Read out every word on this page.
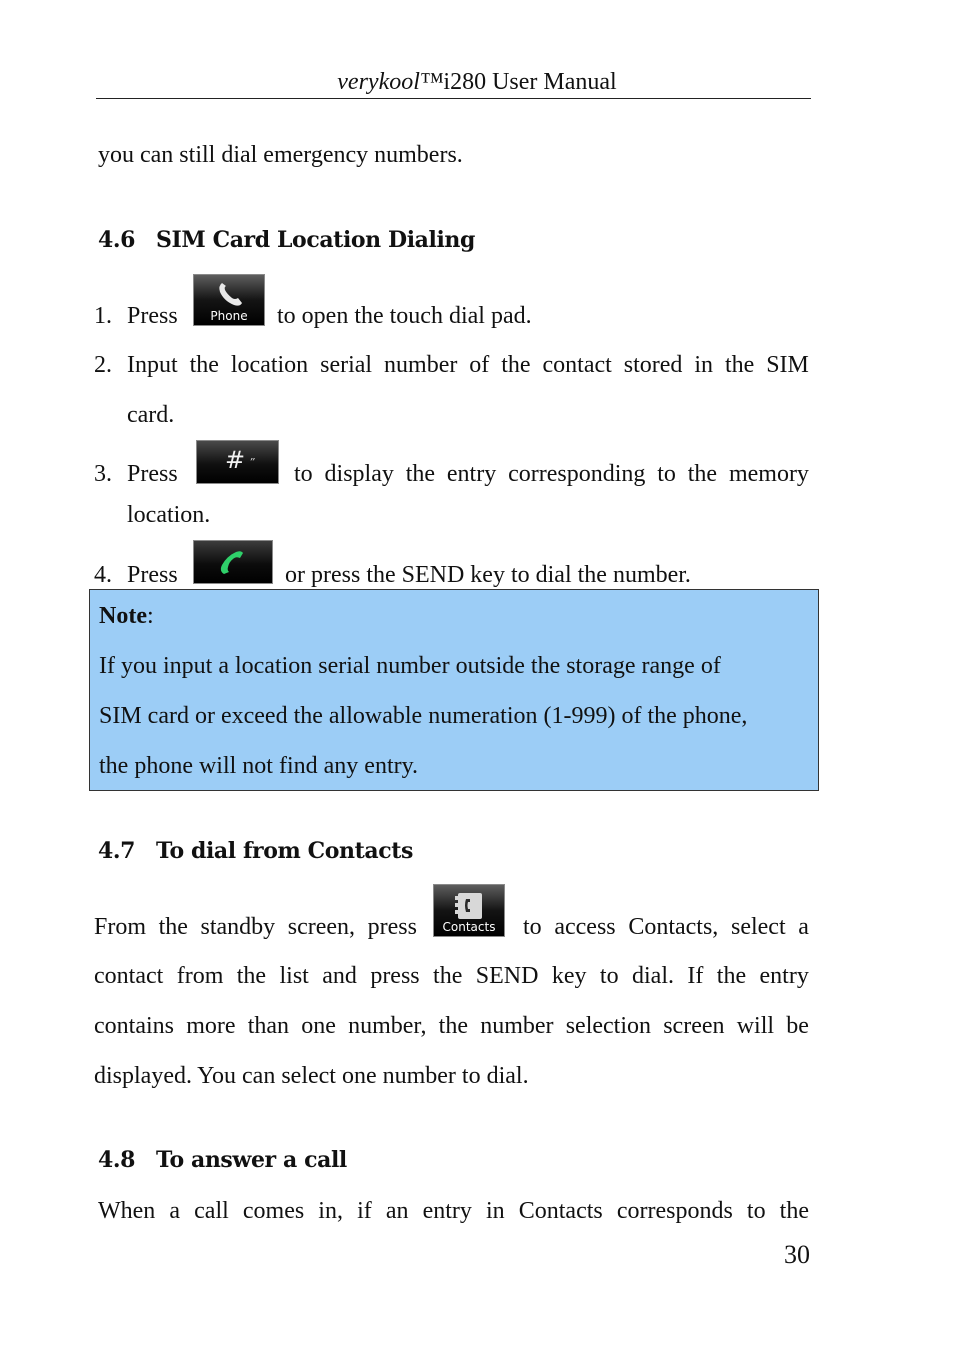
verykool™i280 User Manual
you can still dial emergency numbers.
4.6 SIM Card Location Dialing
1. Press	Phone	to open the touch dial pad.
2. Input the location serial number of the contact stored in the SIM
card.
3. Press # ” to display the entry corresponding to the memory
location.
4. Press	or press the SEND key to dial the number.
Note:
If you input a location serial number outside the storage range of
SIM card or exceed the allowable numeration (1-999) of the phone,
the phone will not find any entry.
4.7 To dial from Contacts
From the standby screen, press	Contacts	to access Contacts, select a
contact from the list and press the SEND key to dial. If the entry
contains more than one number, the number selection screen will be
displayed. You can select one number to dial.
4.8 To answer a call
When a call comes in, if an entry in Contacts corresponds to the
30
